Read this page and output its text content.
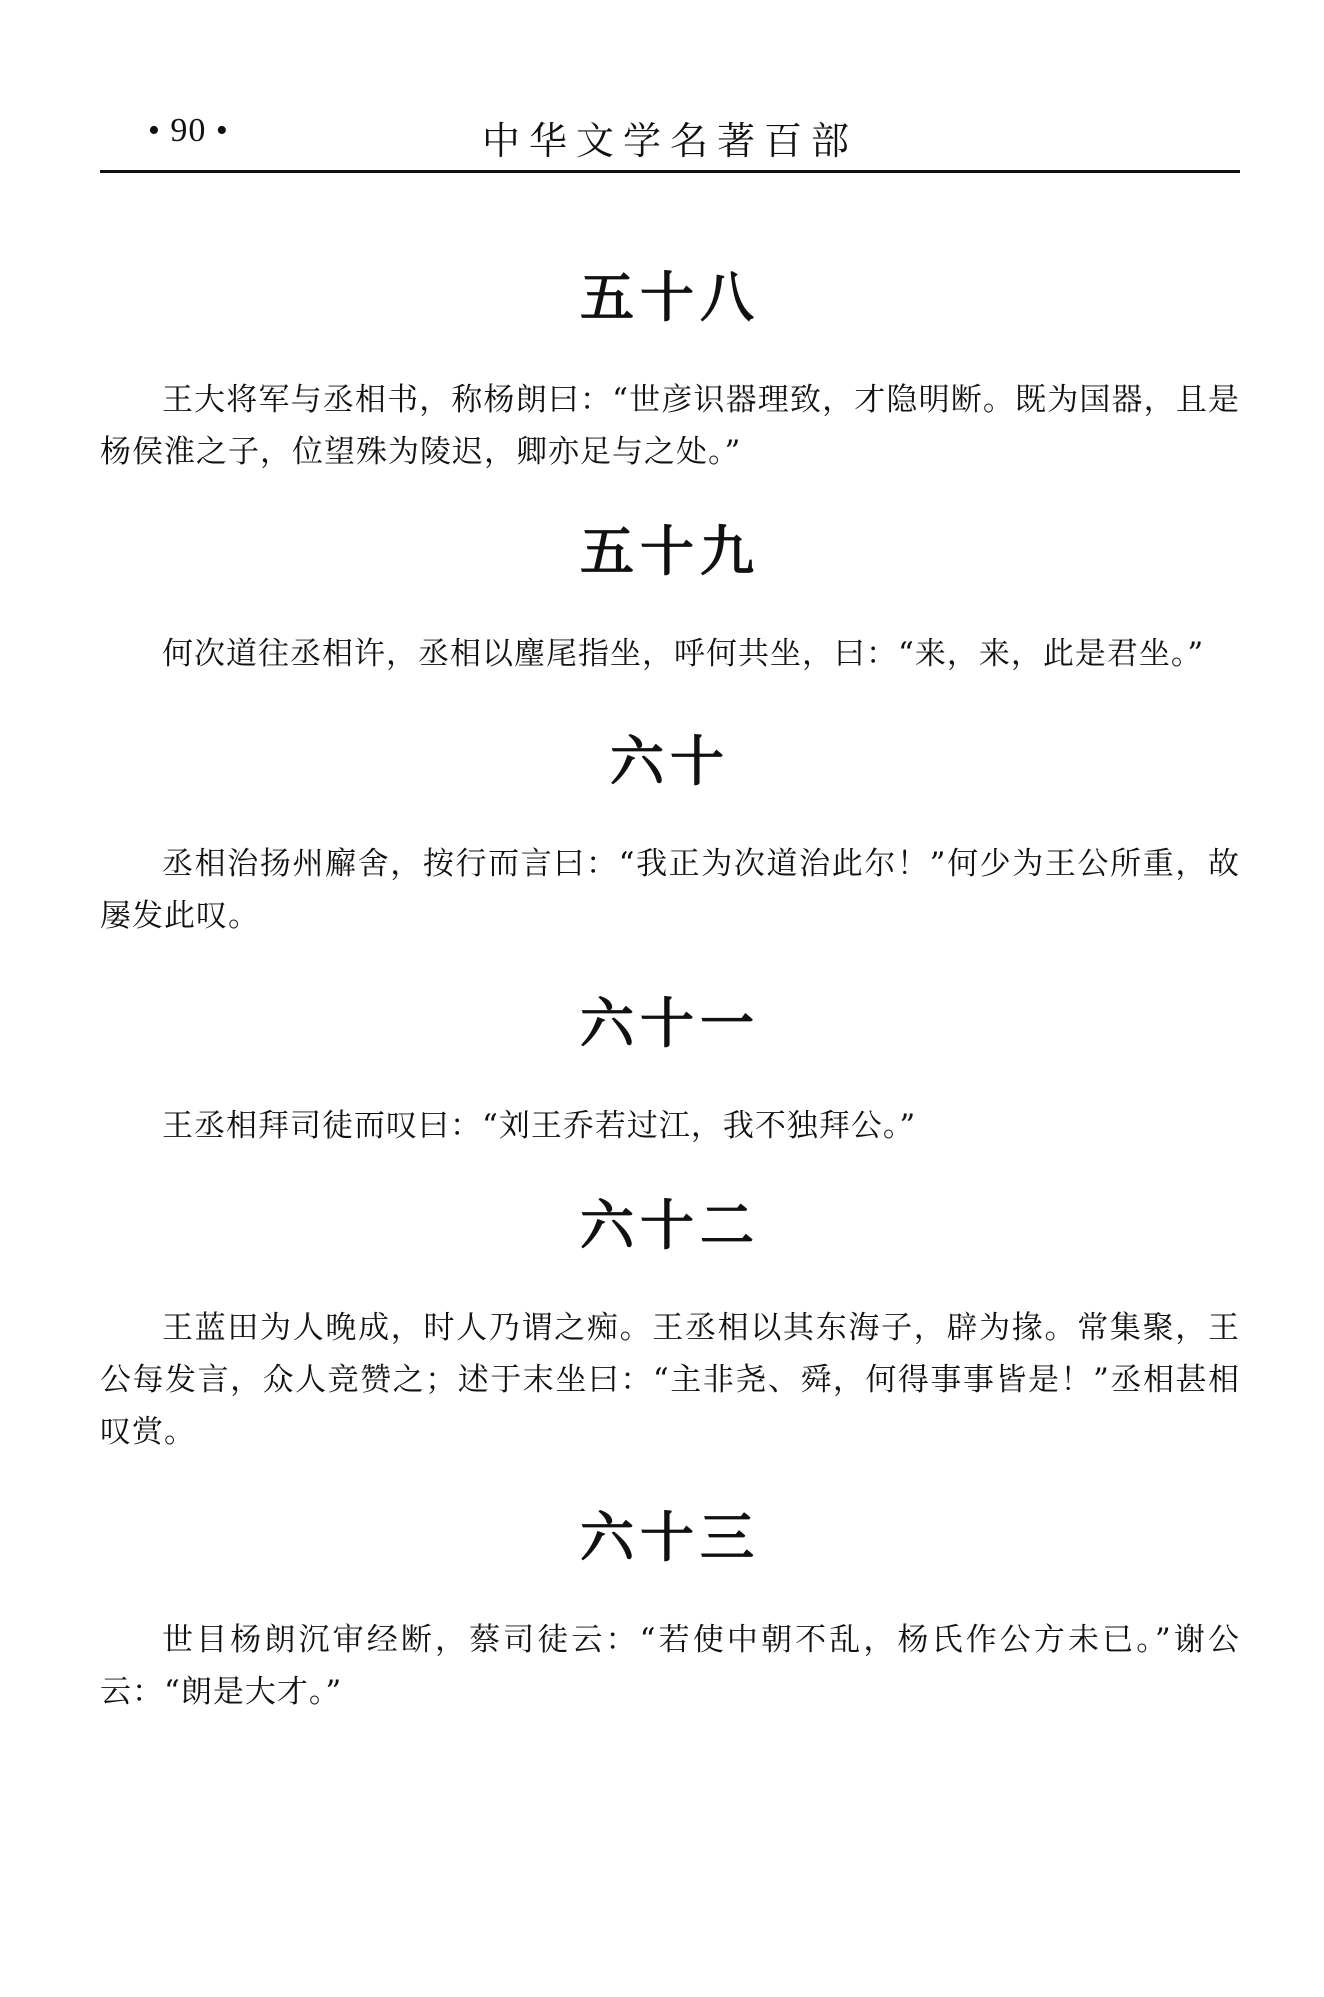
• 90 •	中华文学名著百部
五十八

王大将军与丞相书，称杨朗曰：“世彦识器理致，才隐明断。既为国器，且是杨侯淮之子，位望殊为陵迟，卿亦足与之处。”

五十九

何次道往丞相许，丞相以麈尾指坐，呼何共坐，曰：“来，来，此是君坐。”

六十

丞相治扬州廨舍，按行而言曰：“我正为次道治此尔！”何少为王公所重，故屡发此叹。

六十一

王丞相拜司徒而叹曰：“刘王乔若过江，我不独拜公。”

六十二

王蓝田为人晚成，时人乃谓之痴。王丞相以其东海子，辟为掾。常集聚，王公每发言，众人竞赞之；述于末坐曰：“主非尧、舜，何得事事皆是！”丞相甚相叹赏。

六十三

世目杨朗沉审经断，蔡司徒云：“若使中朝不乱，杨氏作公方未已。”谢公云：“朗是大才。”
